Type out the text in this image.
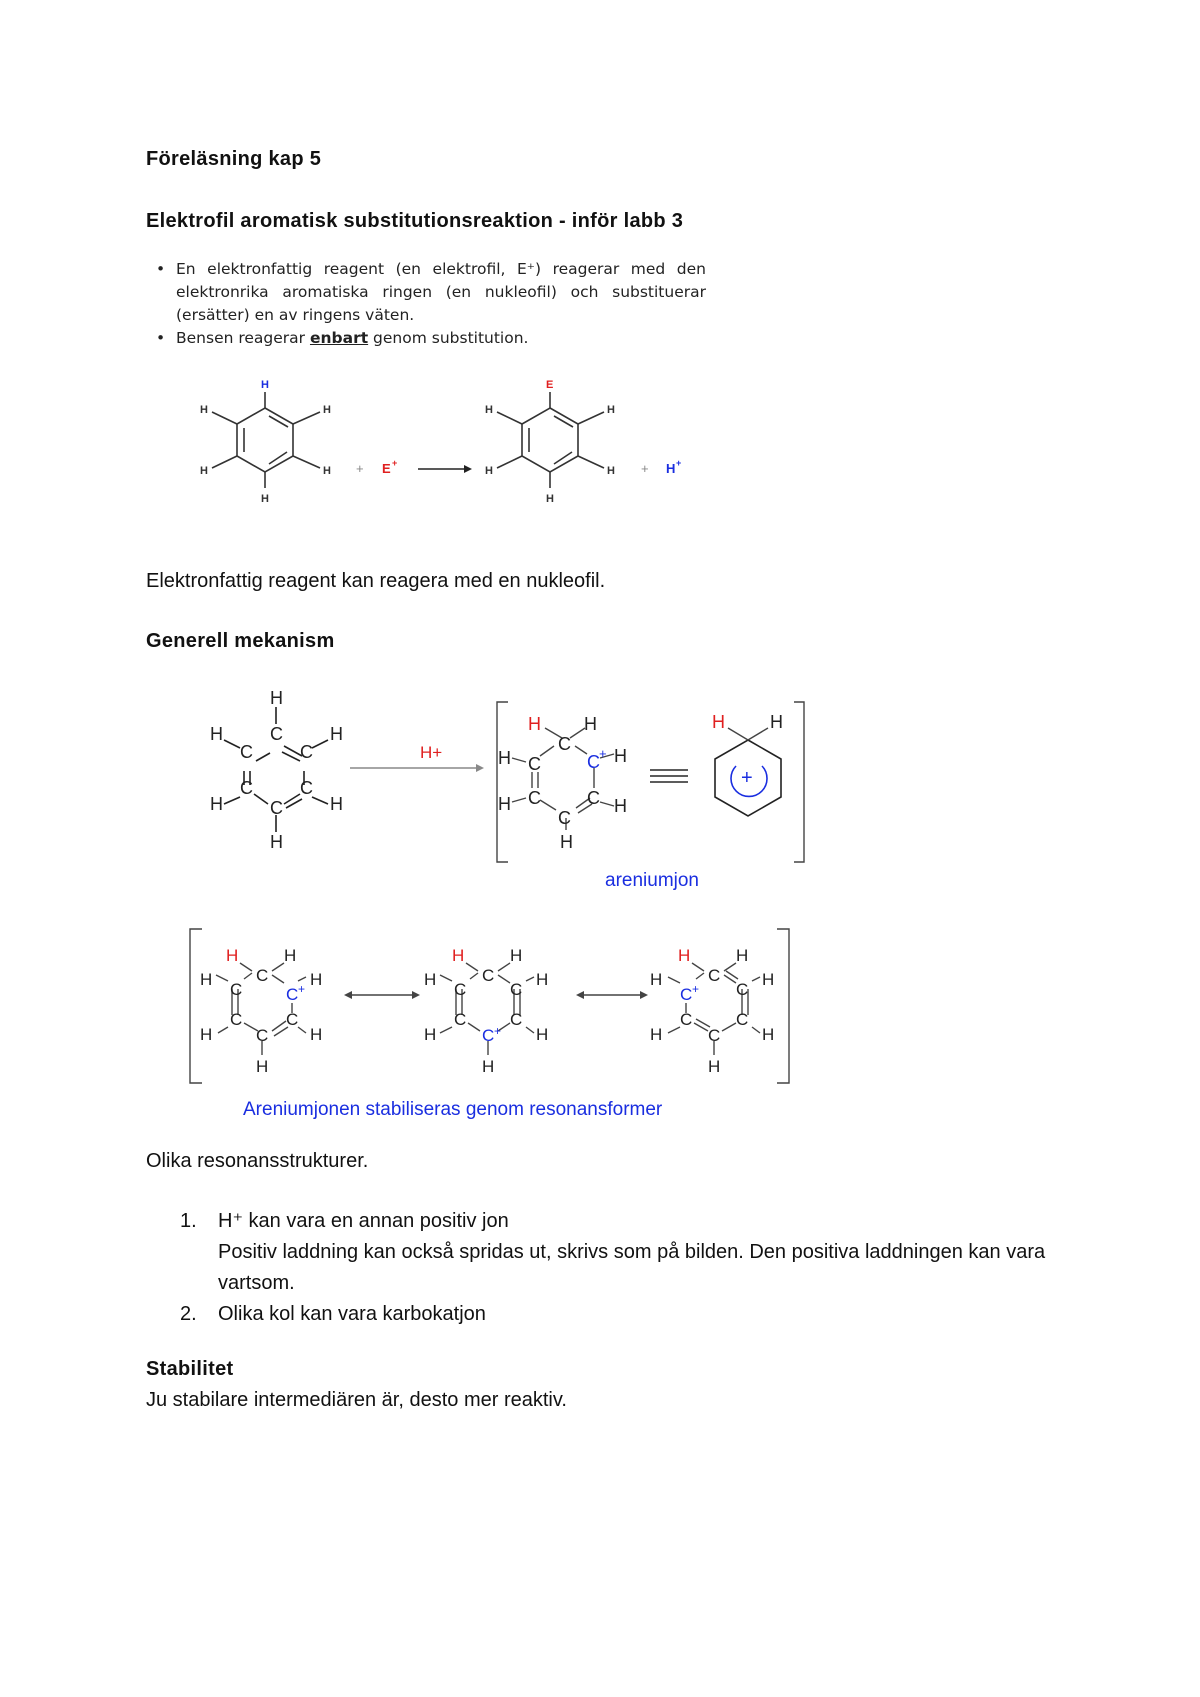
Föreläsning kap 5
Elektrofil aromatisk substitutionsreaktion - inför labb 3
• En elektronfattig reagent (en elektrofil, E⁺) reagerar med den elektronrika aromatiska ringen (en nukleofil) och substituerar (ersätter) en av ringens väten.
• Bensen reagerar enbart genom substitution.
H
H
H
H
H
H
E
H
H
H
H
H
+ E +	+ H +
Elektronfattig reagent kan reagera med en nukleofil.
Generell mekanism
H
H	H
H	H
H
C
C	C
C	C
C
H+
H H
H	H
H	H
H
C
C	C
C	C
C
H	H
+
+
areniumjon
H	H
H	H
H	H
H
C
C	C
C	C
C
H	H
H	H
H	H
H
C
C	C
C	C
C
H	H
H	H
H	H
H
C
C	C
C	C
C
+
+
+
Areniumjonen stabiliseras genom resonansformer
Olika resonansstrukturer.
1. H⁺ kan vara en annan positiv jon
Positiv laddning kan också spridas ut, skrivs som på bilden. Den positiva laddningen kan vara vartsom.
2. Olika kol kan vara karbokatjon
Stabilitet
Ju stabilare intermediären är, desto mer reaktiv.
